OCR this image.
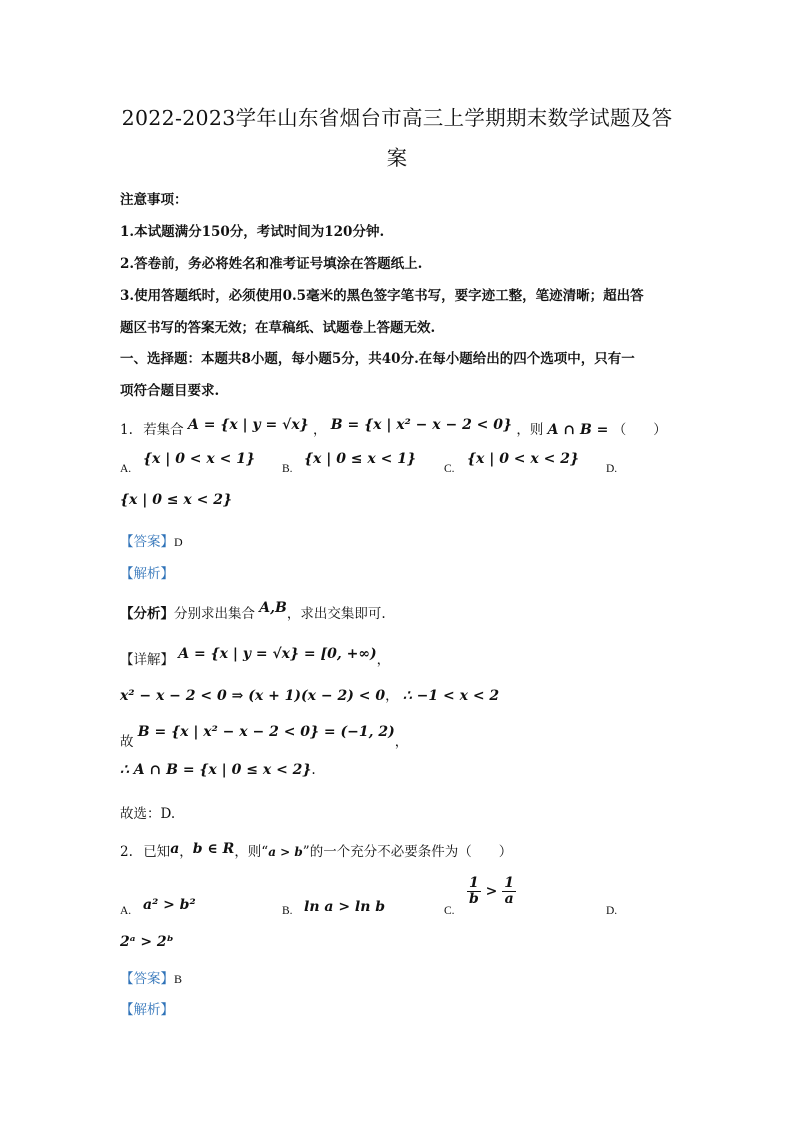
2022-2023学年山东省烟台市高三上学期期末数学试题及答
案
注意事项：
1.本试题满分150分，考试时间为120分钟.
2.答卷前，务必将姓名和准考证号填涂在答题纸上.
3.使用答题纸时，必须使用0.5毫米的黑色签字笔书写，要字迹工整，笔迹清晰；超出答
题区书写的答案无效；在草稿纸、试题卷上答题无效.
一、选择题：本题共8小题，每小题5分，共40分.在每小题给出的四个选项中，只有一
项符合题目要求.
1. 若集合 A = {x | y = √x} ， B = {x | x² − x − 2 < 0} ，则 A ∩ B = （　　）
A.
{x | 0 < x < 1}
B.
{x | 0 ≤ x < 1}
C.
{x | 0 < x < 2}
D.
{x | 0 ≤ x < 2}
【答案】D
【解析】
【分析】分别求出集合 A,B，求出交集即可.
【详解】 A = {x | y = √x} = [0, +∞)，
x² − x − 2 < 0 ⇒ (x + 1)(x − 2) < 0， ∴ −1 < x < 2
故 B = {x | x² − x − 2 < 0} = (−1, 2)，
∴ A ∩ B = {x | 0 ≤ x < 2}.
故选：D.
2. 已知a，b ∈ R，则“a > b”的一个充分不必要条件为（　　）
A. a² > b²	B. ln a > ln b	C.
$\frac{1}{b} > \frac{1}{a}$
D.
2ᵃ > 2ᵇ
【答案】B
【解析】
